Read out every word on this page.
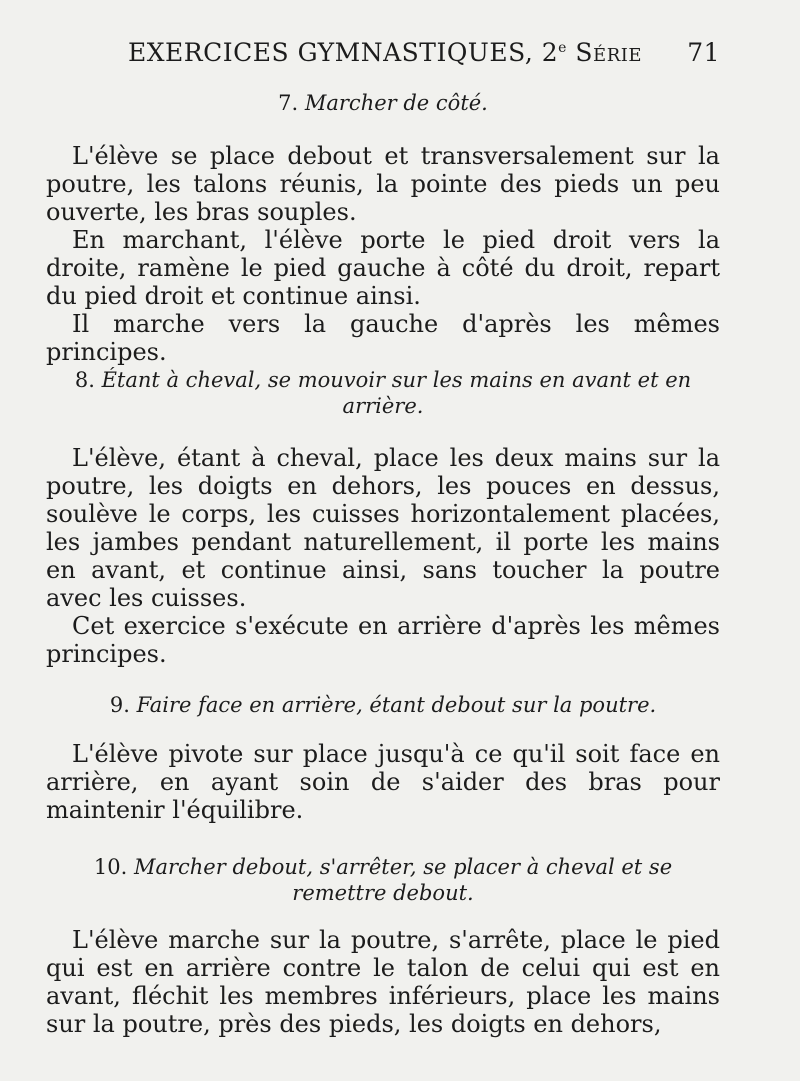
EXERCICES GYMNASTIQUES, 2e Série 71
7. Marcher de côté.

L'élève se place debout et transversalement sur la poutre, les talons réunis, la pointe des pieds un peu ouverte, les bras souples.

En marchant, l'élève porte le pied droit vers la droite, ramène le pied gauche à côté du droit, repart du pied droit et continue ainsi.

Il marche vers la gauche d'après les mêmes principes.

8. Étant à cheval, se mouvoir sur les mains en avant et en arrière.

L'élève, étant à cheval, place les deux mains sur la poutre, les doigts en dehors, les pouces en dessus, soulève le corps, les cuisses horizontalement placées, les jambes pendant naturellement, il porte les mains en avant, et continue ainsi, sans toucher la poutre avec les cuisses.

Cet exercice s'exécute en arrière d'après les mêmes principes.

9. Faire face en arrière, étant debout sur la poutre.

L'élève pivote sur place jusqu'à ce qu'il soit face en arrière, en ayant soin de s'aider des bras pour maintenir l'équilibre.

10. Marcher debout, s'arrêter, se placer à cheval et se remettre debout.

L'élève marche sur la poutre, s'arrête, place le pied qui est en arrière contre le talon de celui qui est en avant, fléchit les membres inférieurs, place les mains sur la poutre, près des pieds, les doigts en dehors,
